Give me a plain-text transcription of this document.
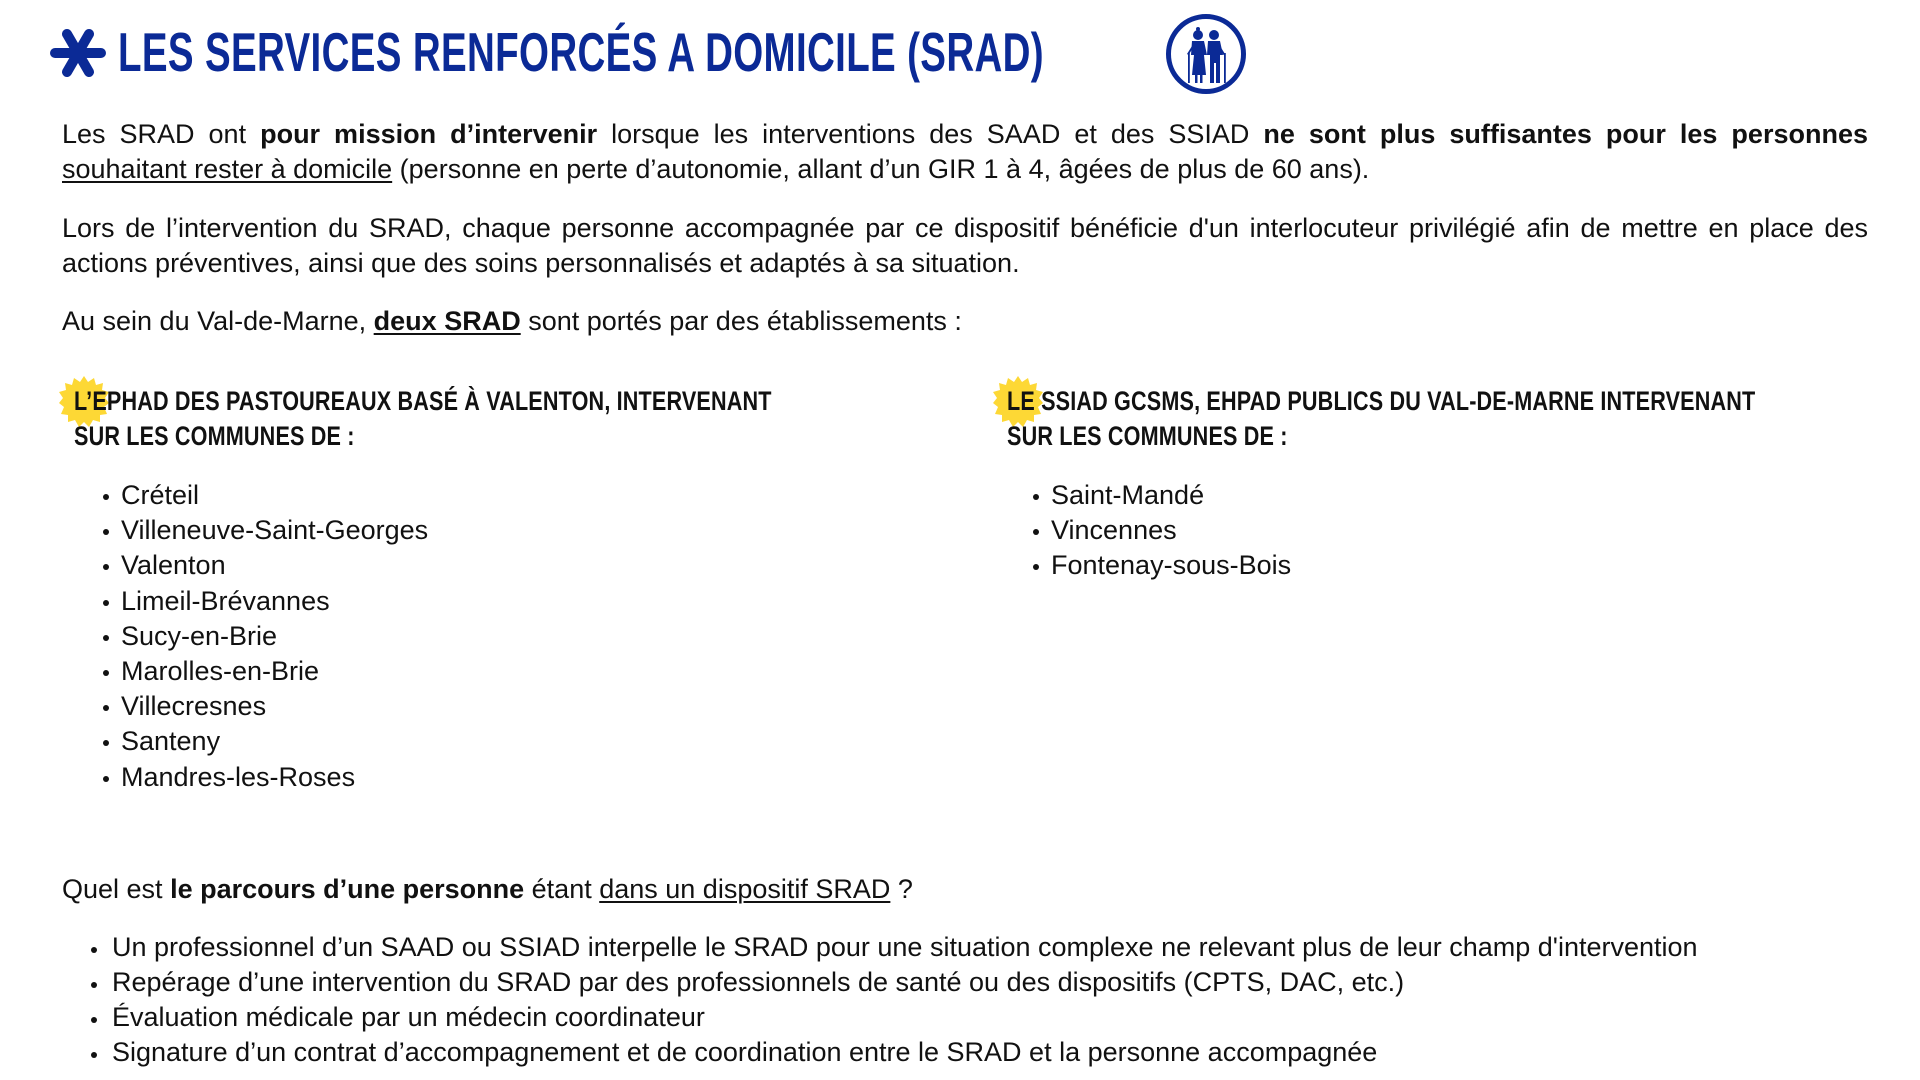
LES SERVICES RENFORCÉS A DOMICILE (SRAD)
Les SRAD ont pour mission d’intervenir lorsque les interventions des SAAD et des SSIAD ne sont plus suffisantes pour les personnes souhaitant rester à domicile (personne en perte d’autonomie, allant d’un GIR 1 à 4, âgées de plus de 60 ans).
Lors de l’intervention du SRAD, chaque personne accompagnée par ce dispositif bénéficie d'un interlocuteur privilégié afin de mettre en place des actions préventives, ainsi que des soins personnalisés et adaptés à sa situation.
Au sein du Val-de-Marne, deux SRAD sont portés par des établissements :
L’EPHAD DES PASTOUREAUX BASÉ À VALENTON, INTERVENANT
SUR LES COMMUNES DE :
Créteil
Villeneuve-Saint-Georges
Valenton
Limeil-Brévannes
Sucy-en-Brie
Marolles-en-Brie
Villecresnes
Santeny
Mandres-les-Roses
LE SSIAD GCSMS, EHPAD PUBLICS DU VAL-DE-MARNE INTERVENANT
SUR LES COMMUNES DE :
Saint-Mandé
Vincennes
Fontenay-sous-Bois
Quel est le parcours d’une personne étant dans un dispositif SRAD ?
Un professionnel d’un SAAD ou SSIAD interpelle le SRAD pour une situation complexe ne relevant plus de leur champ d'intervention
Repérage d’une intervention du SRAD par des professionnels de santé ou des dispositifs (CPTS, DAC, etc.)
Évaluation médicale par un médecin coordinateur
Signature d’un contrat d’accompagnement et de coordination entre le SRAD et la personne accompagnée
